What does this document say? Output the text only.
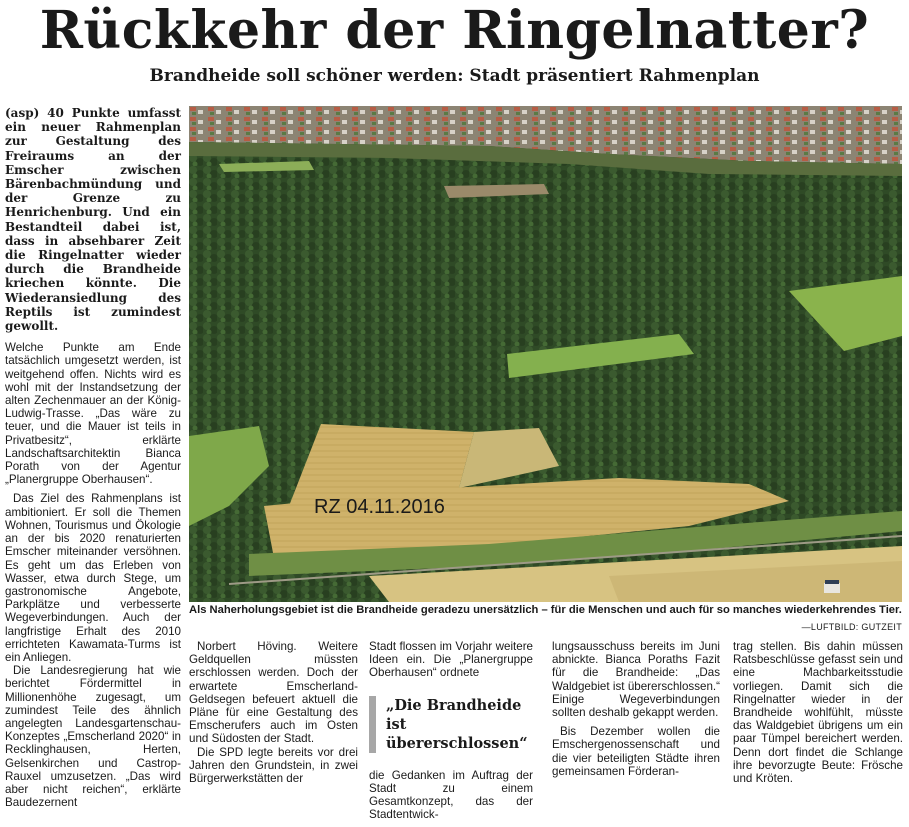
Rückkehr der Ringelnatter?
Brandheide soll schöner werden: Stadt präsentiert Rahmenplan

(asp) 40 Punkte umfasst ein neuer Rahmenplan zur Gestaltung des Freiraums an der Emscher zwischen Bärenbachmündung und der Grenze zu Henrichenburg. Und ein Bestandteil dabei ist, dass in absehbarer Zeit die Ringelnatter wieder durch die Brandheide kriechen könnte. Die Wiederansiedlung des Reptils ist zumindest gewollt.

Welche Punkte am Ende tatsächlich umgesetzt werden, ist weitgehend offen. Nichts wird es wohl mit der Instandsetzung der alten Zechenmauer an der König-Ludwig-Trasse. „Das wäre zu teuer, und die Mauer ist teils in Privatbesitz“, erklärte Landschaftsarchitektin Bianca Porath von der Agentur „Planergruppe Oberhausen“.

Das Ziel des Rahmenplans ist ambitioniert. Er soll die Themen Wohnen, Tourismus und Ökologie an der bis 2020 renaturierten Emscher miteinander versöhnen. Es geht um das Erleben von Wasser, etwa durch Stege, um gastronomische Angebote, Parkplätze und verbesserte Wegeverbindungen. Auch der langfristige Erhalt des 2010 errichteten Kawamata-Turms ist ein Anliegen.

Die Landesregierung hat wie berichtet Fördermittel in Millionenhöhe zugesagt, um zumindest Teile des ähnlich angelegten Landesgartenschau-Konzeptes „Emscherland 2020“ in Recklinghausen, Herten, Gelsenkirchen und Castrop-Rauxel umzusetzen. „Das wird aber nicht reichen“, erklärte Baudezernent

RZ 04.11.2016
Als Naherholungsgebiet ist die Brandheide geradezu unersätzlich – für die Menschen und auch für so manches wiederkehrendes Tier.
—LUFTBILD: GUTZEIT

Norbert Höving. Weitere Geldquellen müssten erschlossen werden. Doch der erwartete Emscherland-Geldsegen befeuert aktuell die Pläne für eine Gestaltung des Emscherufers auch im Osten und Südosten der Stadt.

Die SPD legte bereits vor drei Jahren den Grundstein, in zwei Bürgerwerkstätten der

Stadt flossen im Vorjahr weitere Ideen ein. Die „Planergruppe Oberhausen“ ordnete

„Die Brandheide ist übererschlossen“

die Gedanken im Auftrag der Stadt zu einem Gesamtkonzept, das der Stadtentwick-

lungsausschuss bereits im Juni abnickte. Bianca Poraths Fazit für die Brandheide: „Das Waldgebiet ist übererschlossen.“ Einige Wegeverbindungen sollten deshalb gekappt werden.

Bis Dezember wollen die Emschergenossenschaft und die vier beteiligten Städte ihren gemeinsamen Förderan-

trag stellen. Bis dahin müssen Ratsbeschlüsse gefasst sein und eine Machbarkeitsstudie vorliegen. Damit sich die Ringelnatter wieder in der Brandheide wohlfühlt, müsste das Waldgebiet übrigens um ein paar Tümpel bereichert werden. Denn dort findet die Schlange ihre bevorzugte Beute: Frösche und Kröten.
